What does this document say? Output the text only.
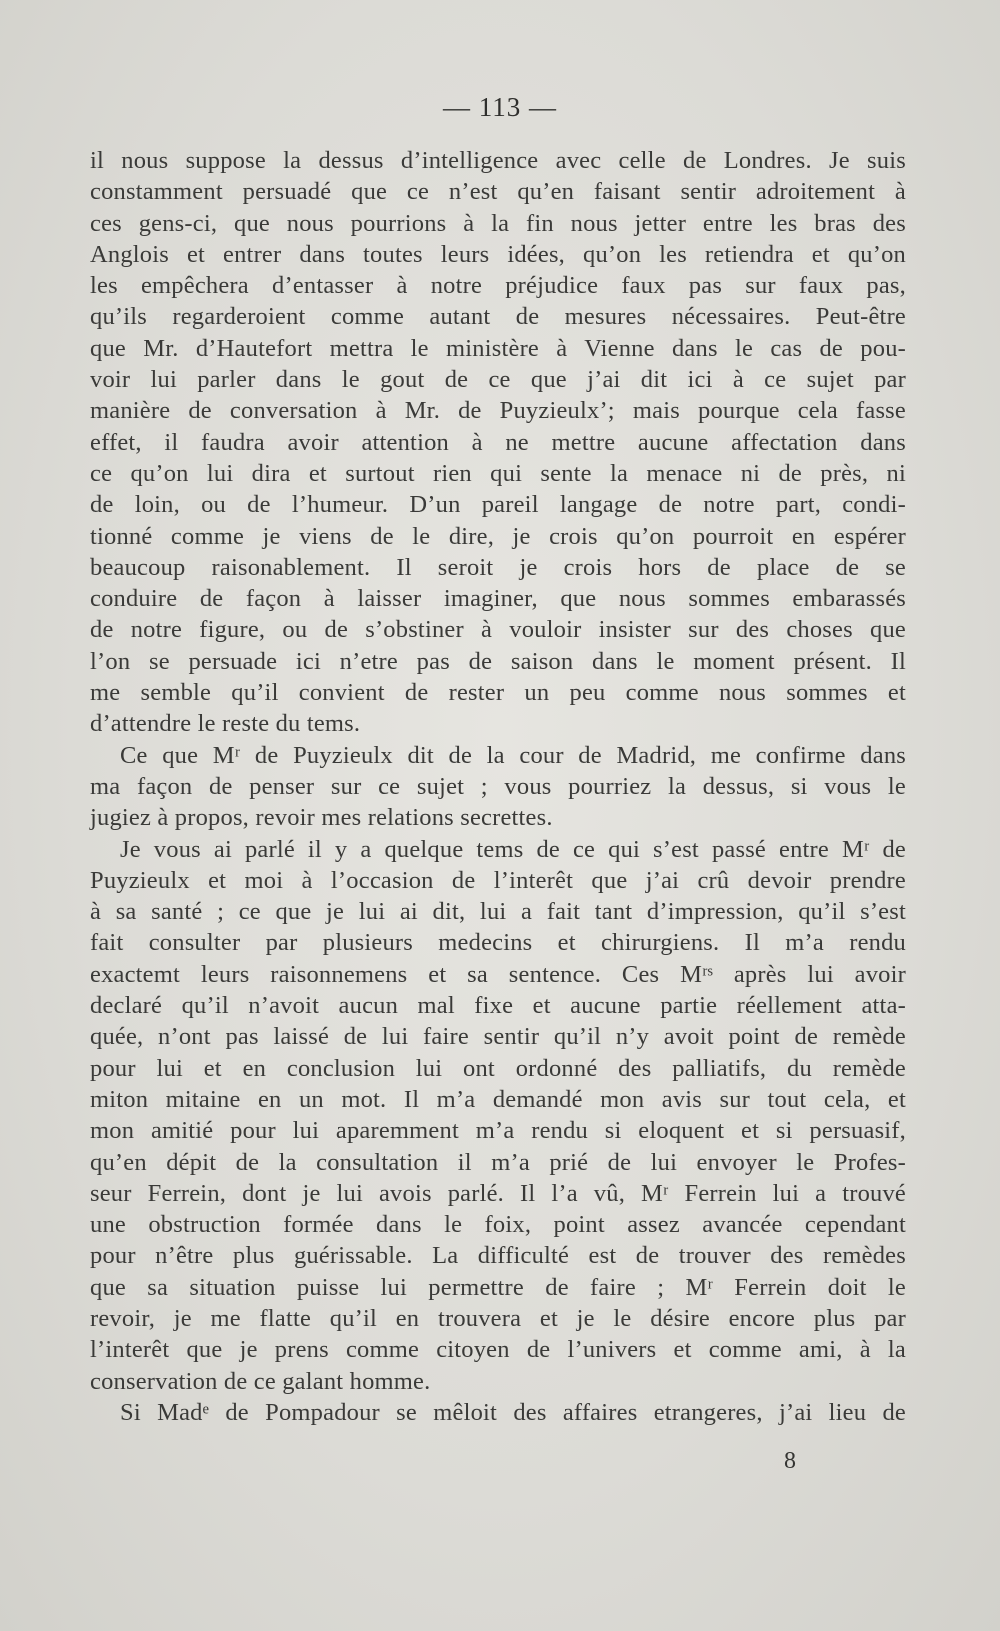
— 113 —
il nous suppose la dessus d’intelligence avec celle de Londres. Je suis
constamment persuadé que ce n’est qu’en faisant sentir adroitement à
ces gens-ci, que nous pourrions à la fin nous jetter entre les bras des
Anglois et entrer dans toutes leurs idées, qu’on les retiendra et qu’on
les empêchera d’entasser à notre préjudice faux pas sur faux pas,
qu’ils regarderoient comme autant de mesures nécessaires. Peut-être
que Mr. d’Hautefort mettra le ministère à Vienne dans le cas de pou-
voir lui parler dans le gout de ce que j’ai dit ici à ce sujet par
manière de conversation à Mr. de Puyzieulx’; mais pourque cela fasse
effet, il faudra avoir attention à ne mettre aucune affectation dans
ce qu’on lui dira et surtout rien qui sente la menace ni de près, ni
de loin, ou de l’humeur. D’un pareil langage de notre part, condi-
tionné comme je viens de le dire, je crois qu’on pourroit en espérer
beaucoup raisonablement. Il seroit je crois hors de place de se
conduire de façon à laisser imaginer, que nous sommes embarassés
de notre figure, ou de s’obstiner à vouloir insister sur des choses que
l’on se persuade ici n’etre pas de saison dans le moment présent. Il
me semble qu’il convient de rester un peu comme nous sommes et
d’attendre le reste du tems.
Ce que Mʳ de Puyzieulx dit de la cour de Madrid, me confirme dans
ma façon de penser sur ce sujet ; vous pourriez la dessus, si vous le
jugiez à propos, revoir mes relations secrettes.
Je vous ai parlé il y a quelque tems de ce qui s’est passé entre Mʳ de
Puyzieulx et moi à l’occasion de l’interêt que j’ai crû devoir prendre
à sa santé ; ce que je lui ai dit, lui a fait tant d’impression, qu’il s’est
fait consulter par plusieurs medecins et chirurgiens. Il m’a rendu
exactemt leurs raisonnemens et sa sentence. Ces Mʳˢ après lui avoir
declaré qu’il n’avoit aucun mal fixe et aucune partie réellement atta-
quée, n’ont pas laissé de lui faire sentir qu’il n’y avoit point de remède
pour lui et en conclusion lui ont ordonné des palliatifs, du remède
miton mitaine en un mot. Il m’a demandé mon avis sur tout cela, et
mon amitié pour lui aparemment m’a rendu si eloquent et si persuasif,
qu’en dépit de la consultation il m’a prié de lui envoyer le Profes-
seur Ferrein, dont je lui avois parlé. Il l’a vû, Mʳ Ferrein lui a trouvé
une obstruction formée dans le foix, point assez avancée cependant
pour n’être plus guérissable. La difficulté est de trouver des remèdes
que sa situation puisse lui permettre de faire ; Mʳ Ferrein doit le
revoir, je me flatte qu’il en trouvera et je le désire encore plus par
l’interêt que je prens comme citoyen de l’univers et comme ami, à la
conservation de ce galant homme.
Si Madᵉ de Pompadour se mêloit des affaires etrangeres, j’ai lieu de
8
